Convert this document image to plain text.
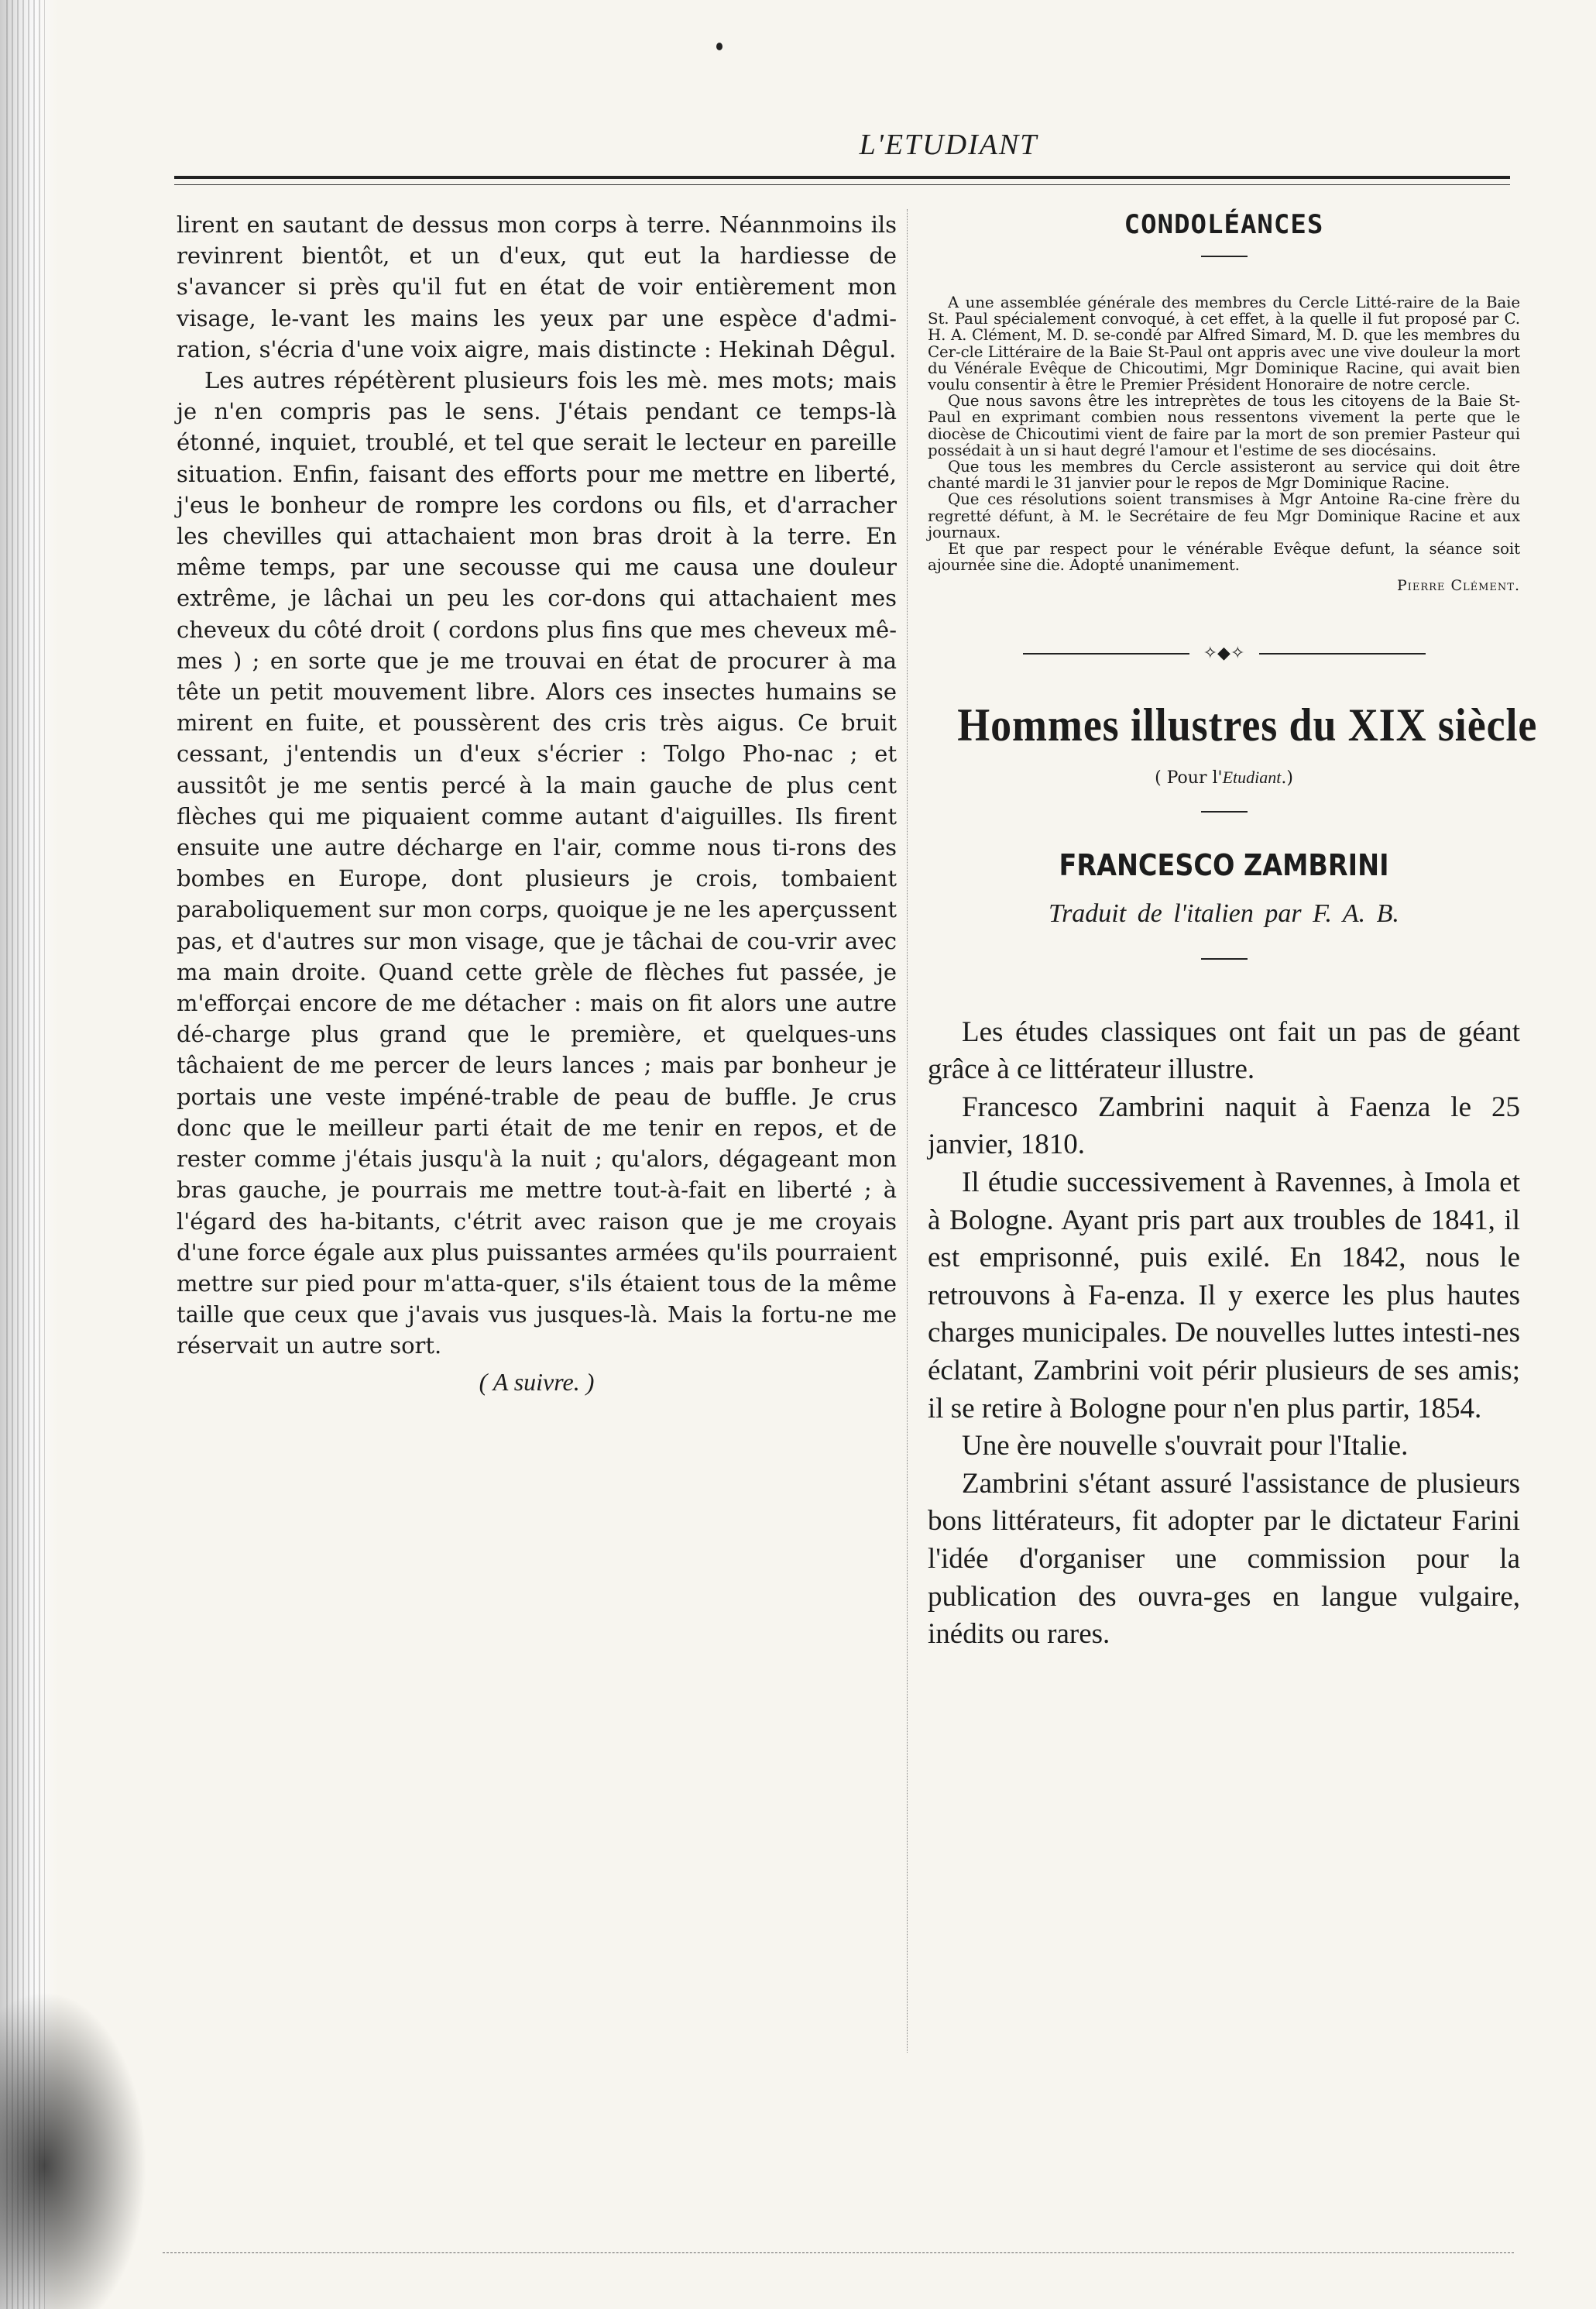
L'ETUDIANT

lirent en sautant de dessus mon corps à terre. Néannmoins ils revinrent bientôt, et un d'eux, qut eut la hardiesse de s'avancer si près qu'il fut en état de voir entièrement mon visage, le-vant les mains les yeux par une espèce d'admi-ration, s'écria d'une voix aigre, mais distincte : Hekinah Dêgul.

Les autres répétèrent plusieurs fois les mè. mes mots; mais je n'en compris pas le sens. J'étais pendant ce temps-là étonné, inquiet, troublé, et tel que serait le lecteur en pareille situation. Enfin, faisant des efforts pour me mettre en liberté, j'eus le bonheur de rompre les cordons ou fils, et d'arracher les chevilles qui attachaient mon bras droit à la terre. En même temps, par une secousse qui me causa une douleur extrême, je lâchai un peu les cor-dons qui attachaient mes cheveux du côté droit ( cordons plus fins que mes cheveux mê-mes ) ; en sorte que je me trouvai en état de procurer à ma tête un petit mouvement libre. Alors ces insectes humains se mirent en fuite, et poussèrent des cris très aigus. Ce bruit cessant, j'entendis un d'eux s'écrier : Tolgo Pho-nac ; et aussitôt je me sentis percé à la main gauche de plus cent flèches qui me piquaient comme autant d'aiguilles. Ils firent ensuite une autre décharge en l'air, comme nous ti-rons des bombes en Europe, dont plusieurs je crois, tombaient paraboliquement sur mon corps, quoique je ne les aperçussent pas, et d'autres sur mon visage, que je tâchai de cou-vrir avec ma main droite. Quand cette grèle de flèches fut passée, je m'efforçai encore de me détacher : mais on fit alors une autre dé-charge plus grand que le première, et quelques-uns tâchaient de me percer de leurs lances ; mais par bonheur je portais une veste impéné-trable de peau de buffle. Je crus donc que le meilleur parti était de me tenir en repos, et de rester comme j'étais jusqu'à la nuit ; qu'alors, dégageant mon bras gauche, je pourrais me mettre tout-à-fait en liberté ; à l'égard des ha-bitants, c'étrit avec raison que je me croyais d'une force égale aux plus puissantes armées qu'ils pourraient mettre sur pied pour m'atta-quer, s'ils étaient tous de la même taille que ceux que j'avais vus jusques-là. Mais la fortu-ne me réservait un autre sort.

( A suivre. )
CONDOLÉANCES

A une assemblée générale des membres du Cercle Litté-raire de la Baie St. Paul spécialement convoqué, à cet effet, à la quelle il fut proposé par C. H. A. Clément, M. D. se-condé par Alfred Simard, M. D. que les membres du Cer-cle Littéraire de la Baie St-Paul ont appris avec une vive douleur la mort du Vénérale Evêque de Chicoutimi, Mgr Dominique Racine, qui avait bien voulu consentir à être le Premier Président Honoraire de notre cercle.

Que nous savons être les intreprètes de tous les citoyens de la Baie St-Paul en exprimant combien nous ressentons vivement la perte que le diocèse de Chicoutimi vient de faire par la mort de son premier Pasteur qui possédait à un si haut degré l'amour et l'estime de ses diocésains.

Que tous les membres du Cercle assisteront au service qui doit être chanté mardi le 31 janvier pour le repos de Mgr Dominique Racine.

Que ces résolutions soient transmises à Mgr Antoine Ra-cine frère du regretté défunt, à M. le Secrétaire de feu Mgr Dominique Racine et aux journaux.

Et que par respect pour le vénérable Evêque defunt, la séance soit ajournée sine die. Adopté unanimement.

Pierre Clément.
✧◆✧
Hommes illustres du XIX siècle
( Pour l'Etudiant.)
FRANCESCO ZAMBRINI
Traduit de l'italien par F. A. B.

Les études classiques ont fait un pas de géant grâce à ce littérateur illustre.

Francesco Zambrini naquit à Faenza le 25 janvier, 1810.

Il étudie successivement à Ravennes, à Imola et à Bologne. Ayant pris part aux troubles de 1841, il est emprisonné, puis exilé. En 1842, nous le retrouvons à Fa-enza. Il y exerce les plus hautes charges municipales. De nouvelles luttes intesti-nes éclatant, Zambrini voit périr plusieurs de ses amis; il se retire à Bologne pour n'en plus partir, 1854.

Une ère nouvelle s'ouvrait pour l'Italie.

Zambrini s'étant assuré l'assistance de plusieurs bons littérateurs, fit adopter par le dictateur Farini l'idée d'organiser une commission pour la publication des ouvra-ges en langue vulgaire, inédits ou rares.
